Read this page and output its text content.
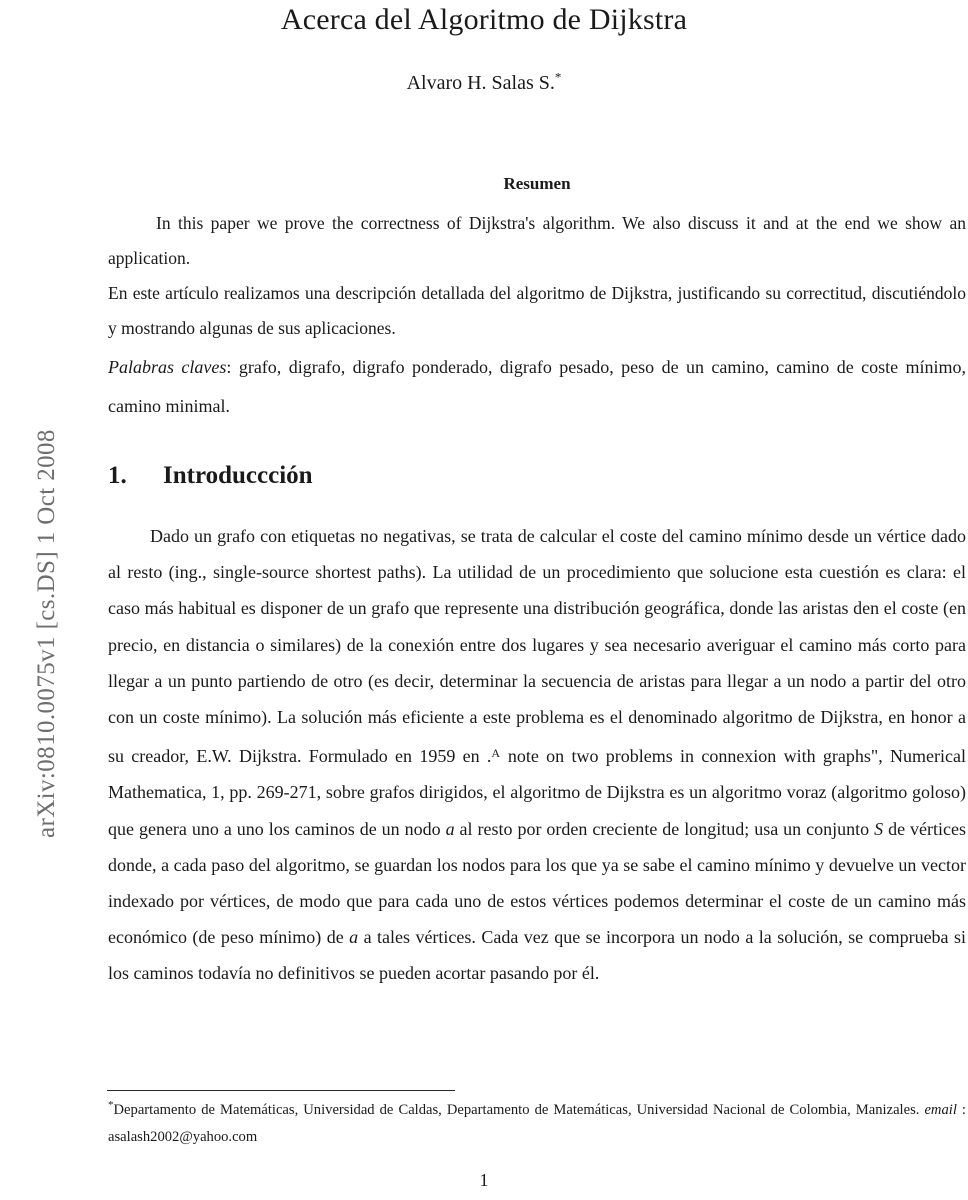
arXiv:0810.0075v1 [cs.DS] 1 Oct 2008
Acerca del Algoritmo de Dijkstra
Alvaro H. Salas S.*
Resumen

In this paper we prove the correctness of Dijkstra's algorithm. We also discuss it and at the end we show an application.

En este artículo realizamos una descripción detallada del algoritmo de Dijkstra, justificando su correctitud, discutiéndolo y mostrando algunas de sus aplicaciones.

Palabras claves: grafo, digrafo, digrafo ponderado, digrafo pesado, peso de un camino, camino de coste mínimo, camino minimal.
1. Introduccción

Dado un grafo con etiquetas no negativas, se trata de calcular el coste del camino mínimo desde un vértice dado al resto (ing., single-source shortest paths). La utilidad de un procedimiento que solucione esta cuestión es clara: el caso más habitual es disponer de un grafo que represente una distribución geográfica, donde las aristas den el coste (en precio, en distancia o similares) de la conexión entre dos lugares y sea necesario averiguar el camino más corto para llegar a un punto partiendo de otro (es decir, determinar la secuencia de aristas para llegar a un nodo a partir del otro con un coste mínimo). La solución más eficiente a este problema es el denominado algoritmo de Dijkstra, en honor a su creador, E.W. Dijkstra. Formulado en 1959 en .$^A$ note on two problems in connexion with graphs", Numerical Mathematica, 1, pp. 269-271, sobre grafos dirigidos, el algoritmo de Dijkstra es un algoritmo voraz (algoritmo goloso) que genera uno a uno los caminos de un nodo a al resto por orden creciente de longitud; usa un conjunto S de vértices donde, a cada paso del algoritmo, se guardan los nodos para los que ya se sabe el camino mínimo y devuelve un vector indexado por vértices, de modo que para cada uno de estos vértices podemos determinar el coste de un camino más económico (de peso mínimo) de a a tales vértices. Cada vez que se incorpora un nodo a la solución, se comprueba si los caminos todavía no definitivos se pueden acortar pasando por él.

*Departamento de Matemáticas, Universidad de Caldas, Departamento de Matemáticas, Universidad Nacional de Colombia, Manizales. email : asalash2002@yahoo.com
1
